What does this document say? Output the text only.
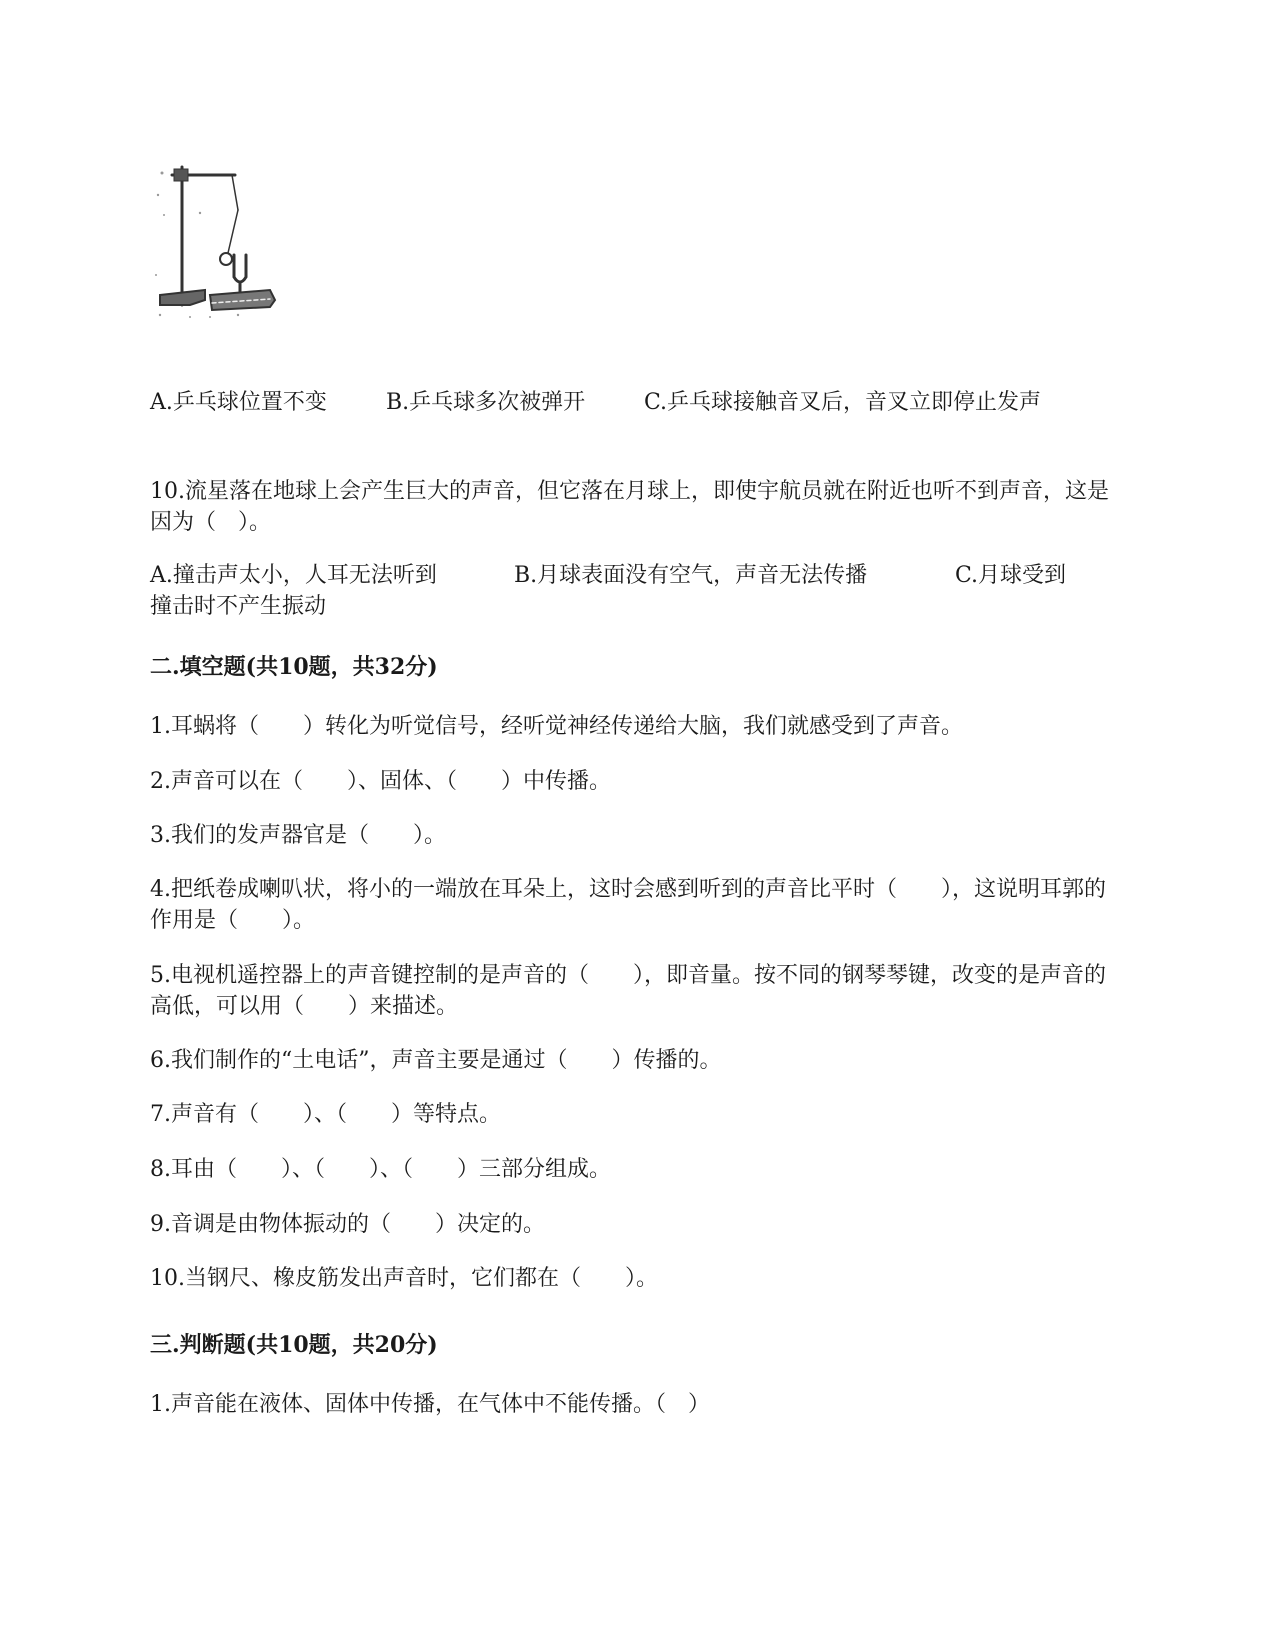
A.乒乓球位置不变	B.乒乓球多次被弹开	C.乒乓球接触音叉后，音叉立即停止发声
10.流星落在地球上会产生巨大的声音，但它落在月球上，即使宇航员就在附近也听不到声音，这是因为（　）。
A.撞击声太小，人耳无法听到	B.月球表面没有空气，声音无法传播	C.月球受到
撞击时不产生振动
二.填空题(共10题，共32分)
1.耳蜗将（　　）转化为听觉信号，经听觉神经传递给大脑，我们就感受到了声音。
2.声音可以在（　　）、固体、（　　）中传播。
3.我们的发声器官是（　　）。
4.把纸卷成喇叭状，将小的一端放在耳朵上，这时会感到听到的声音比平时（　　），这说明耳郭的作用是（　　）。
5.电视机遥控器上的声音键控制的是声音的（　　），即音量。按不同的钢琴琴键，改变的是声音的高低，可以用（　　）来描述。
6.我们制作的“土电话”，声音主要是通过（　　）传播的。
7.声音有（　　）、（　　）等特点。
8.耳由（　　）、（　　）、（　　）三部分组成。
9.音调是由物体振动的（　　）决定的。
10.当钢尺、橡皮筋发出声音时，它们都在（　　）。
三.判断题(共10题，共20分)
1.声音能在液体、固体中传播，在气体中不能传播。（　）
